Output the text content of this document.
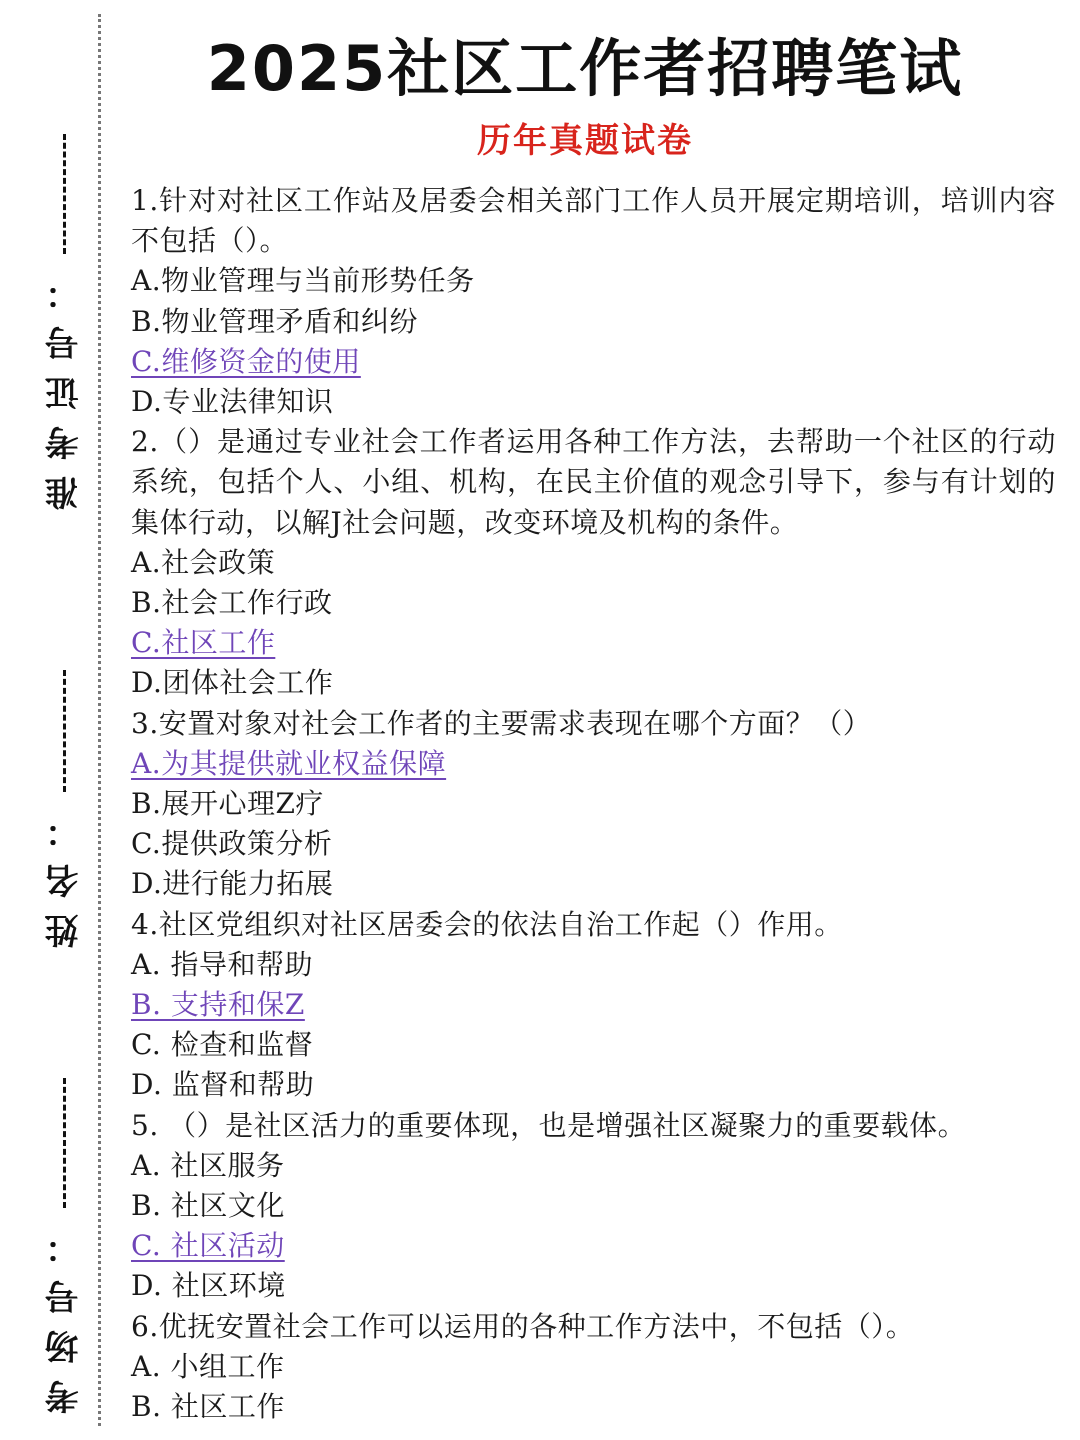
准考证号：
姓名：
考场号：
2025社区工作者招聘笔试
历年真题试卷
1.针对对社区工作站及居委会相关部门工作人员开展定期培训，培训内容不包括（）。
A.物业管理与当前形势任务
B.物业管理矛盾和纠纷
C.维修资金的使用
D.专业法律知识
2.（）是通过专业社会工作者运用各种工作方法，去帮助一个社区的行动系统，包括个人、小组、机构，在民主价值的观念引导下，参与有计划的集体行动，以解J社会问题，改变环境及机构的条件。
A.社会政策
B.社会工作行政
C.社区工作
D.团体社会工作
3.安置对象对社会工作者的主要需求表现在哪个方面？（）
A.为其提供就业权益保障
B.展开心理Z疗
C.提供政策分析
D.进行能力拓展
4.社区党组织对社区居委会的依法自治工作起（）作用。
A. 指导和帮助
B. 支持和保Z
C. 检查和监督
D. 监督和帮助
5. （）是社区活力的重要体现，也是增强社区凝聚力的重要载体。
A. 社区服务
B. 社区文化
C. 社区活动
D. 社区环境
6.优抚安置社会工作可以运用的各种工作方法中，不包括（）。
A. 小组工作
B. 社区工作
